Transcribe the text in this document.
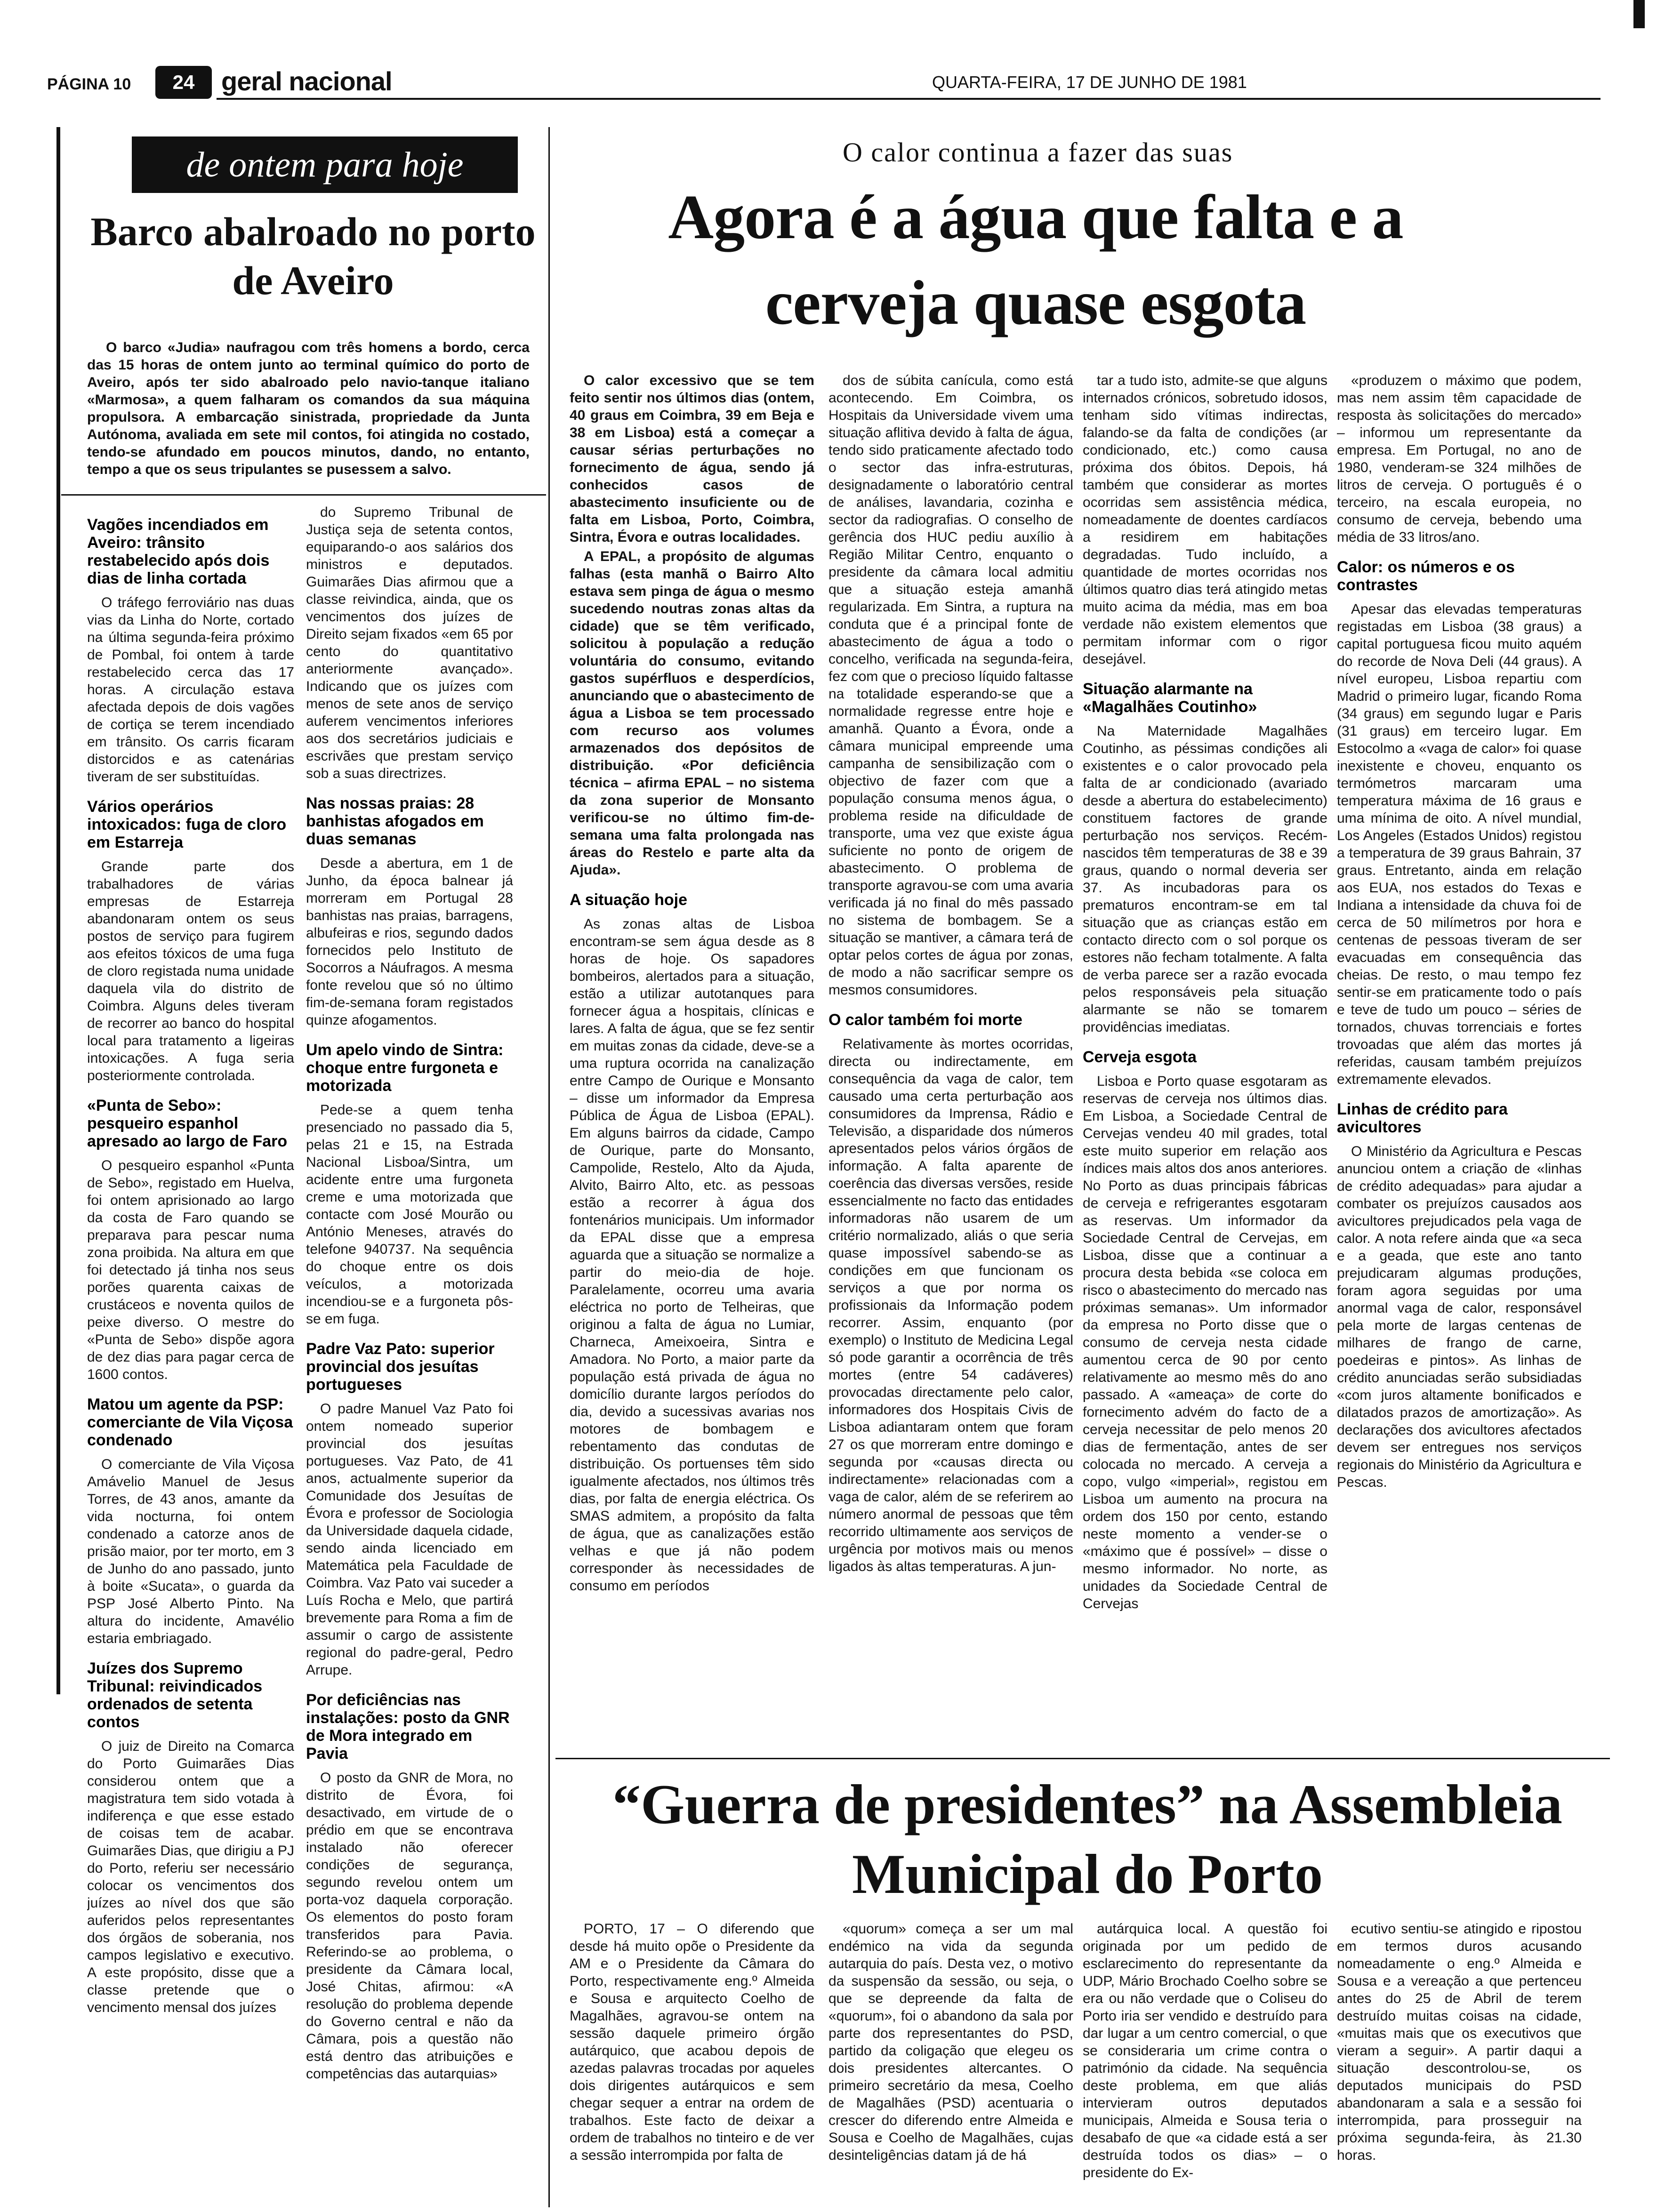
PÁGINA 10	24	geral nacional	QUARTA-FEIRA, 17 DE JUNHO DE 1981
de ontem para hoje
Barco abalroado no porto de Aveiro
O barco «Judia» naufragou com três homens a bordo, cerca das 15 horas de ontem junto ao terminal químico do porto de Aveiro, após ter sido abalroado pelo navio-tanque italiano «Marmosa», a quem falharam os comandos da sua máquina propulsora. A embarcação sinistrada, propriedade da Junta Autónoma, avaliada em sete mil contos, foi atingida no costado, tendo-se afundado em poucos minutos, dando, no entanto, tempo a que os seus tripulantes se pusessem a salvo.
Vagões incendiados em Aveiro: trânsito restabelecido após dois dias de linha cortada

O tráfego ferroviário nas duas vias da Linha do Norte, cortado na última segunda-feira próximo de Pombal, foi ontem à tarde restabelecido cerca das 17 horas. A circulação estava afectada depois de dois vagões de cortiça se terem incendiado em trânsito. Os carris ficaram distorcidos e as catenárias tiveram de ser substituídas.

Vários operários intoxicados: fuga de cloro em Estarreja

Grande parte dos trabalhadores de várias empresas de Estarreja abandonaram ontem os seus postos de serviço para fugirem aos efeitos tóxicos de uma fuga de cloro registada numa unidade daquela vila do distrito de Coimbra. Alguns deles tiveram de recorrer ao banco do hospital local para tratamento a ligeiras intoxicações. A fuga seria posteriormente controlada.

«Punta de Sebo»: pesqueiro espanhol apresado ao largo de Faro

O pesqueiro espanhol «Punta de Sebo», registado em Huelva, foi ontem aprisionado ao largo da costa de Faro quando se preparava para pescar numa zona proibida. Na altura em que foi detectado já tinha nos seus porões quarenta caixas de crustáceos e noventa quilos de peixe diverso. O mestre do «Punta de Sebo» dispõe agora de dez dias para pagar cerca de 1600 contos.

Matou um agente da PSP: comerciante de Vila Viçosa condenado

O comerciante de Vila Viçosa Amávelio Manuel de Jesus Torres, de 43 anos, amante da vida nocturna, foi ontem condenado a catorze anos de prisão maior, por ter morto, em 3 de Junho do ano passado, junto à boite «Sucata», o guarda da PSP José Alberto Pinto. Na altura do incidente, Amavélio estaria embriagado.

Juízes dos Supremo Tribunal: reivindicados ordenados de setenta contos

O juiz de Direito na Comarca do Porto Guimarães Dias considerou ontem que a magistratura tem sido votada à indiferença e que esse estado de coisas tem de acabar. Guimarães Dias, que dirigiu a PJ do Porto, referiu ser necessário colocar os vencimentos dos juízes ao nível dos que são auferidos pelos representantes dos órgãos de soberania, nos campos legislativo e executivo. A este propósito, disse que a classe pretende que o vencimento mensal dos juízes

do Supremo Tribunal de Justiça seja de setenta contos, equiparando-o aos salários dos ministros e deputados. Guimarães Dias afirmou que a classe reivindica, ainda, que os vencimentos dos juízes de Direito sejam fixados «em 65 por cento do quantitativo anteriormente avançado». Indicando que os juízes com menos de sete anos de serviço auferem vencimentos inferiores aos dos secretários judiciais e escrivães que prestam serviço sob a suas directrizes.

Nas nossas praias: 28 banhistas afogados em duas semanas

Desde a abertura, em 1 de Junho, da época balnear já morreram em Portugal 28 banhistas nas praias, barragens, albufeiras e rios, segundo dados fornecidos pelo Instituto de Socorros a Náufragos. A mesma fonte revelou que só no último fim-de-semana foram registados quinze afogamentos.

Um apelo vindo de Sintra: choque entre furgoneta e motorizada

Pede-se a quem tenha presenciado no passado dia 5, pelas 21 e 15, na Estrada Nacional Lisboa/Sintra, um acidente entre uma furgoneta creme e uma motorizada que contacte com José Mourão ou António Meneses, através do telefone 940737. Na sequência do choque entre os dois veículos, a motorizada incendiou-se e a furgoneta pôs-se em fuga.

Padre Vaz Pato: superior provincial dos jesuítas portugueses

O padre Manuel Vaz Pato foi ontem nomeado superior provincial dos jesuítas portugueses. Vaz Pato, de 41 anos, actualmente superior da Comunidade dos Jesuítas de Évora e professor de Sociologia da Universidade daquela cidade, sendo ainda licenciado em Matemática pela Faculdade de Coimbra. Vaz Pato vai suceder a Luís Rocha e Melo, que partirá brevemente para Roma a fim de assumir o cargo de assistente regional do padre-geral, Pedro Arrupe.

Por deficiências nas instalações: posto da GNR de Mora integrado em Pavia

O posto da GNR de Mora, no distrito de Évora, foi desactivado, em virtude de o prédio em que se encontrava instalado não oferecer condições de segurança, segundo revelou ontem um porta-voz daquela corporação. Os elementos do posto foram transferidos para Pavia. Referindo-se ao problema, o presidente da Câmara local, José Chitas, afirmou: «A resolução do problema depende do Governo central e não da Câmara, pois a questão não está dentro das atribuições e competências das autarquias»

O calor continua a fazer das suas
Agora é a água que falta e a cerveja quase esgota

O calor excessivo que se tem feito sentir nos últimos dias (ontem, 40 graus em Coimbra, 39 em Beja e 38 em Lisboa) está a começar a causar sérias perturbações no fornecimento de água, sendo já conhecidos casos de abastecimento insuficiente ou de falta em Lisboa, Porto, Coimbra, Sintra, Évora e outras localidades.

A EPAL, a propósito de algumas falhas (esta manhã o Bairro Alto estava sem pinga de água o mesmo sucedendo noutras zonas altas da cidade) que se têm verificado, solicitou à população a redução voluntária do consumo, evitando gastos supérfluos e desperdícios, anunciando que o abastecimento de água a Lisboa se tem processado com recurso aos volumes armazenados dos depósitos de distribuição. «Por deficiência técnica – afirma EPAL – no sistema da zona superior de Monsanto verificou-se no último fim-de-semana uma falta prolongada nas áreas do Restelo e parte alta da Ajuda».

A situação hoje

As zonas altas de Lisboa encontram-se sem água desde as 8 horas de hoje. Os sapadores bombeiros, alertados para a situação, estão a utilizar autotanques para fornecer água a hospitais, clínicas e lares. A falta de água, que se fez sentir em muitas zonas da cidade, deve-se a uma ruptura ocorrida na canalização entre Campo de Ourique e Monsanto – disse um informador da Empresa Pública de Água de Lisboa (EPAL). Em alguns bairros da cidade, Campo de Ourique, parte do Monsanto, Campolide, Restelo, Alto da Ajuda, Alvito, Bairro Alto, etc. as pessoas estão a recorrer à água dos fontenários municipais. Um informador da EPAL disse que a empresa aguarda que a situação se normalize a partir do meio-dia de hoje. Paralelamente, ocorreu uma avaria eléctrica no porto de Telheiras, que originou a falta de água no Lumiar, Charneca, Ameixoeira, Sintra e Amadora. No Porto, a maior parte da população está privada de água no domicílio durante largos períodos do dia, devido a sucessivas avarias nos motores de bombagem e rebentamento das condutas de distribuição. Os portuenses têm sido igualmente afectados, nos últimos três dias, por falta de energia eléctrica. Os SMAS admitem, a propósito da falta de água, que as canalizações estão velhas e que já não podem corresponder às necessidades de consumo em períodos

dos de súbita canícula, como está acontecendo. Em Coimbra, os Hospitais da Universidade vivem uma situação aflitiva devido à falta de água, tendo sido praticamente afectado todo o sector das infra-estruturas, designadamente o laboratório central de análises, lavandaria, cozinha e sector da radiografias. O conselho de gerência dos HUC pediu auxílio à Região Militar Centro, enquanto o presidente da câmara local admitiu que a situação esteja amanhã regularizada. Em Sintra, a ruptura na conduta que é a principal fonte de abastecimento de água a todo o concelho, verificada na segunda-feira, fez com que o precioso líquido faltasse na totalidade esperando-se que a normalidade regresse entre hoje e amanhã. Quanto a Évora, onde a câmara municipal empreende uma campanha de sensibilização com o objectivo de fazer com que a população consuma menos água, o problema reside na dificuldade de transporte, uma vez que existe água suficiente no ponto de origem de abastecimento. O problema de transporte agravou-se com uma avaria verificada já no final do mês passado no sistema de bombagem. Se a situação se mantiver, a câmara terá de optar pelos cortes de água por zonas, de modo a não sacrificar sempre os mesmos consumidores.

O calor também foi morte

Relativamente às mortes ocorridas, directa ou indirectamente, em consequência da vaga de calor, tem causado uma certa perturbação aos consumidores da Imprensa, Rádio e Televisão, a disparidade dos números apresentados pelos vários órgãos de informação. A falta aparente de coerência das diversas versões, reside essencialmente no facto das entidades informadoras não usarem de um critério normalizado, aliás o que seria quase impossível sabendo-se as condições em que funcionam os serviços a que por norma os profissionais da Informação podem recorrer. Assim, enquanto (por exemplo) o Instituto de Medicina Legal só pode garantir a ocorrência de três mortes (entre 54 cadáveres) provocadas directamente pelo calor, informadores dos Hospitais Civis de Lisboa adiantaram ontem que foram 27 os que morreram entre domingo e segunda por «causas directa ou indirectamente» relacionadas com a vaga de calor, além de se referirem ao número anormal de pessoas que têm recorrido ultimamente aos serviços de urgência por motivos mais ou menos ligados às altas temperaturas. A jun-

tar a tudo isto, admite-se que alguns internados crónicos, sobretudo idosos, tenham sido vítimas indirectas, falando-se da falta de condições (ar condicionado, etc.) como causa próxima dos óbitos. Depois, há também que considerar as mortes ocorridas sem assistência médica, nomeadamente de doentes cardíacos a residirem em habitações degradadas. Tudo incluído, a quantidade de mortes ocorridas nos últimos quatro dias terá atingido metas muito acima da média, mas em boa verdade não existem elementos que permitam informar com o rigor desejável.

Situação alarmante na «Magalhães Coutinho»

Na Maternidade Magalhães Coutinho, as péssimas condições ali existentes e o calor provocado pela falta de ar condicionado (avariado desde a abertura do estabelecimento) constituem factores de grande perturbação nos serviços. Recém-nascidos têm temperaturas de 38 e 39 graus, quando o normal deveria ser 37. As incubadoras para os prematuros encontram-se em tal situação que as crianças estão em contacto directo com o sol porque os estores não fecham totalmente. A falta de verba parece ser a razão evocada pelos responsáveis pela situação alarmante se não se tomarem providências imediatas.

Cerveja esgota

Lisboa e Porto quase esgotaram as reservas de cerveja nos últimos dias. Em Lisboa, a Sociedade Central de Cervejas vendeu 40 mil grades, total este muito superior em relação aos índices mais altos dos anos anteriores. No Porto as duas principais fábricas de cerveja e refrigerantes esgotaram as reservas. Um informador da Sociedade Central de Cervejas, em Lisboa, disse que a continuar a procura desta bebida «se coloca em risco o abastecimento do mercado nas próximas semanas». Um informador da empresa no Porto disse que o consumo de cerveja nesta cidade aumentou cerca de 90 por cento relativamente ao mesmo mês do ano passado. A «ameaça» de corte do fornecimento advém do facto de a cerveja necessitar de pelo menos 20 dias de fermentação, antes de ser colocada no mercado. A cerveja a copo, vulgo «imperial», registou em Lisboa um aumento na procura na ordem dos 150 por cento, estando neste momento a vender-se o «máximo que é possível» – disse o mesmo informador. No norte, as unidades da Sociedade Central de Cervejas

«produzem o máximo que podem, mas nem assim têm capacidade de resposta às solicitações do mercado» – informou um representante da empresa. Em Portugal, no ano de 1980, venderam-se 324 milhões de litros de cerveja. O português é o terceiro, na escala europeia, no consumo de cerveja, bebendo uma média de 33 litros/ano.

Calor: os números e os contrastes

Apesar das elevadas temperaturas registadas em Lisboa (38 graus) a capital portuguesa ficou muito aquém do recorde de Nova Deli (44 graus). A nível europeu, Lisboa repartiu com Madrid o primeiro lugar, ficando Roma (34 graus) em segundo lugar e Paris (31 graus) em terceiro lugar. Em Estocolmo a «vaga de calor» foi quase inexistente e choveu, enquanto os termómetros marcaram uma temperatura máxima de 16 graus e uma mínima de oito. A nível mundial, Los Angeles (Estados Unidos) registou a temperatura de 39 graus Bahrain, 37 graus. Entretanto, ainda em relação aos EUA, nos estados do Texas e Indiana a intensidade da chuva foi de cerca de 50 milímetros por hora e centenas de pessoas tiveram de ser evacuadas em consequência das cheias. De resto, o mau tempo fez sentir-se em praticamente todo o país e teve de tudo um pouco – séries de tornados, chuvas torrenciais e fortes trovoadas que além das mortes já referidas, causam também prejuízos extremamente elevados.

Linhas de crédito para avicultores

O Ministério da Agricultura e Pescas anunciou ontem a criação de «linhas de crédito adequadas» para ajudar a combater os prejuízos causados aos avicultores prejudicados pela vaga de calor. A nota refere ainda que «a seca e a geada, que este ano tanto prejudicaram algumas produções, foram agora seguidas por uma anormal vaga de calor, responsável pela morte de largas centenas de milhares de frango de carne, poedeiras e pintos». As linhas de crédito anunciadas serão subsidiadas «com juros altamente bonificados e dilatados prazos de amortização». As declarações dos avicultores afectados devem ser entregues nos serviços regionais do Ministério da Agricultura e Pescas.

“Guerra de presidentes” na Assembleia Municipal do Porto

PORTO, 17 – O diferendo que desde há muito opõe o Presidente da AM e o Presidente da Câmara do Porto, respectivamente eng.º Almeida e Sousa e arquitecto Coelho de Magalhães, agravou-se ontem na sessão daquele primeiro órgão autárquico, que acabou depois de azedas palavras trocadas por aqueles dois dirigentes autárquicos e sem chegar sequer a entrar na ordem de trabalhos. Este facto de deixar a ordem de trabalhos no tinteiro e de ver a sessão interrompida por falta de

«quorum» começa a ser um mal endémico na vida da segunda autarquia do país. Desta vez, o motivo da suspensão da sessão, ou seja, o que se depreende da falta de «quorum», foi o abandono da sala por parte dos representantes do PSD, partido da coligação que elegeu os dois presidentes altercantes. O primeiro secretário da mesa, Coelho de Magalhães (PSD) acentuaria o crescer do diferendo entre Almeida e Sousa e Coelho de Magalhães, cujas desinteligências datam já de há

autárquica local. A questão foi originada por um pedido de esclarecimento do representante da UDP, Mário Brochado Coelho sobre se era ou não verdade que o Coliseu do Porto iria ser vendido e destruído para dar lugar a um centro comercial, o que se consideraria um crime contra o património da cidade. Na sequência deste problema, em que aliás intervieram outros deputados municipais, Almeida e Sousa teria o desabafo de que «a cidade está a ser destruída todos os dias» – o presidente do Ex-

ecutivo sentiu-se atingido e ripostou em termos duros acusando nomeadamente o eng.º Almeida e Sousa e a vereação a que pertenceu antes do 25 de Abril de terem destruído muitas coisas na cidade, «muitas mais que os executivos que vieram a seguir». A partir daqui a situação descontrolou-se, os deputados municipais do PSD abandonaram a sala e a sessão foi interrompida, para prosseguir na próxima segunda-feira, às 21.30 horas.
